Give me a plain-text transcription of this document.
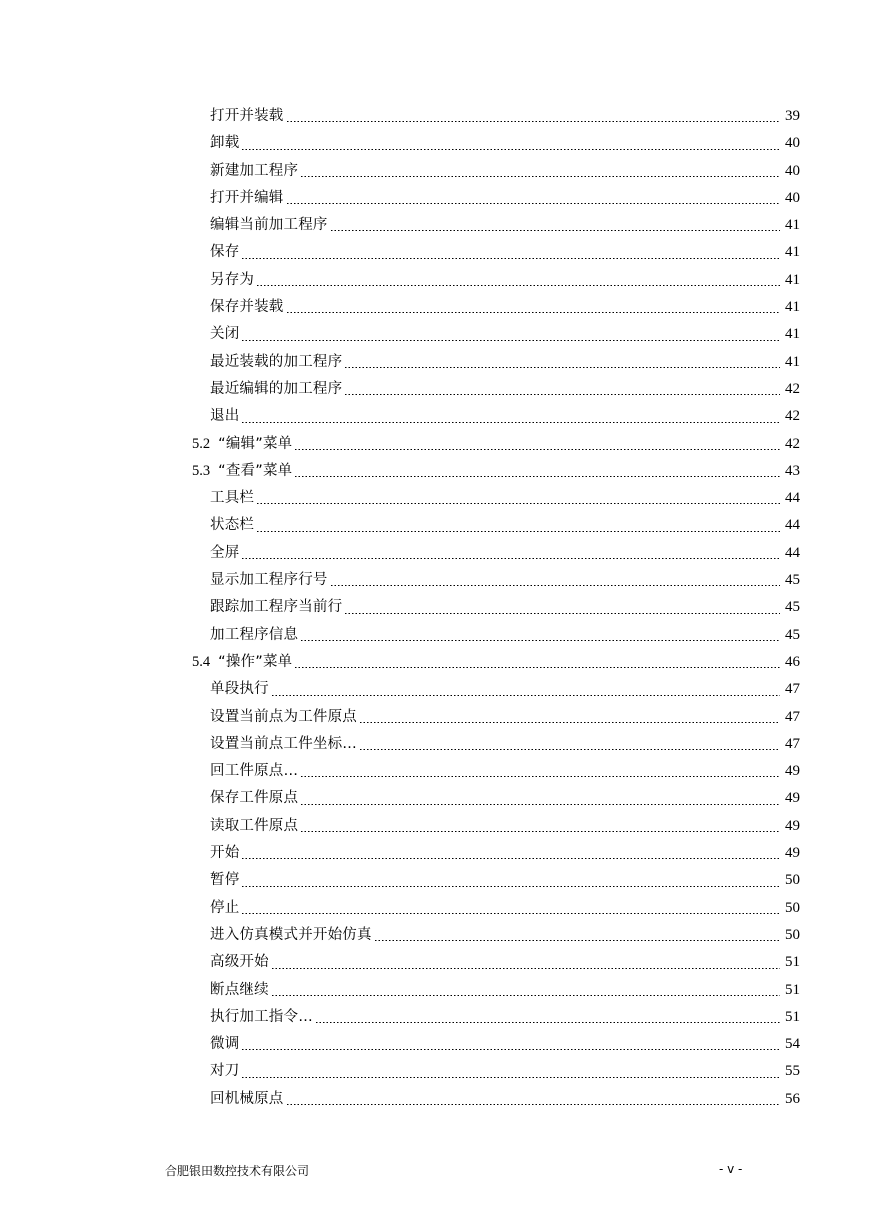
打开并装载	39
卸载	40
新建加工程序	40
打开并编辑	40
编辑当前加工程序	41
保存	41
另存为	41
保存并装载	41
关闭	41
最近装载的加工程序	41
最近编辑的加工程序	42
退出	42
5.2 “编辑”菜单	42
5.3 “查看”菜单	43
工具栏	44
状态栏	44
全屏	44
显示加工程序行号	45
跟踪加工程序当前行	45
加工程序信息	45
5.4 “操作”菜单	46
单段执行	47
设置当前点为工件原点	47
设置当前点工件坐标…	47
回工件原点…	49
保存工件原点	49
读取工件原点	49
开始	49
暂停	50
停止	50
进入仿真模式并开始仿真	50
高级开始	51
断点继续	51
执行加工指令…	51
微调	54
对刀	55
回机械原点	56
合肥银田数控技术有限公司	- v -
